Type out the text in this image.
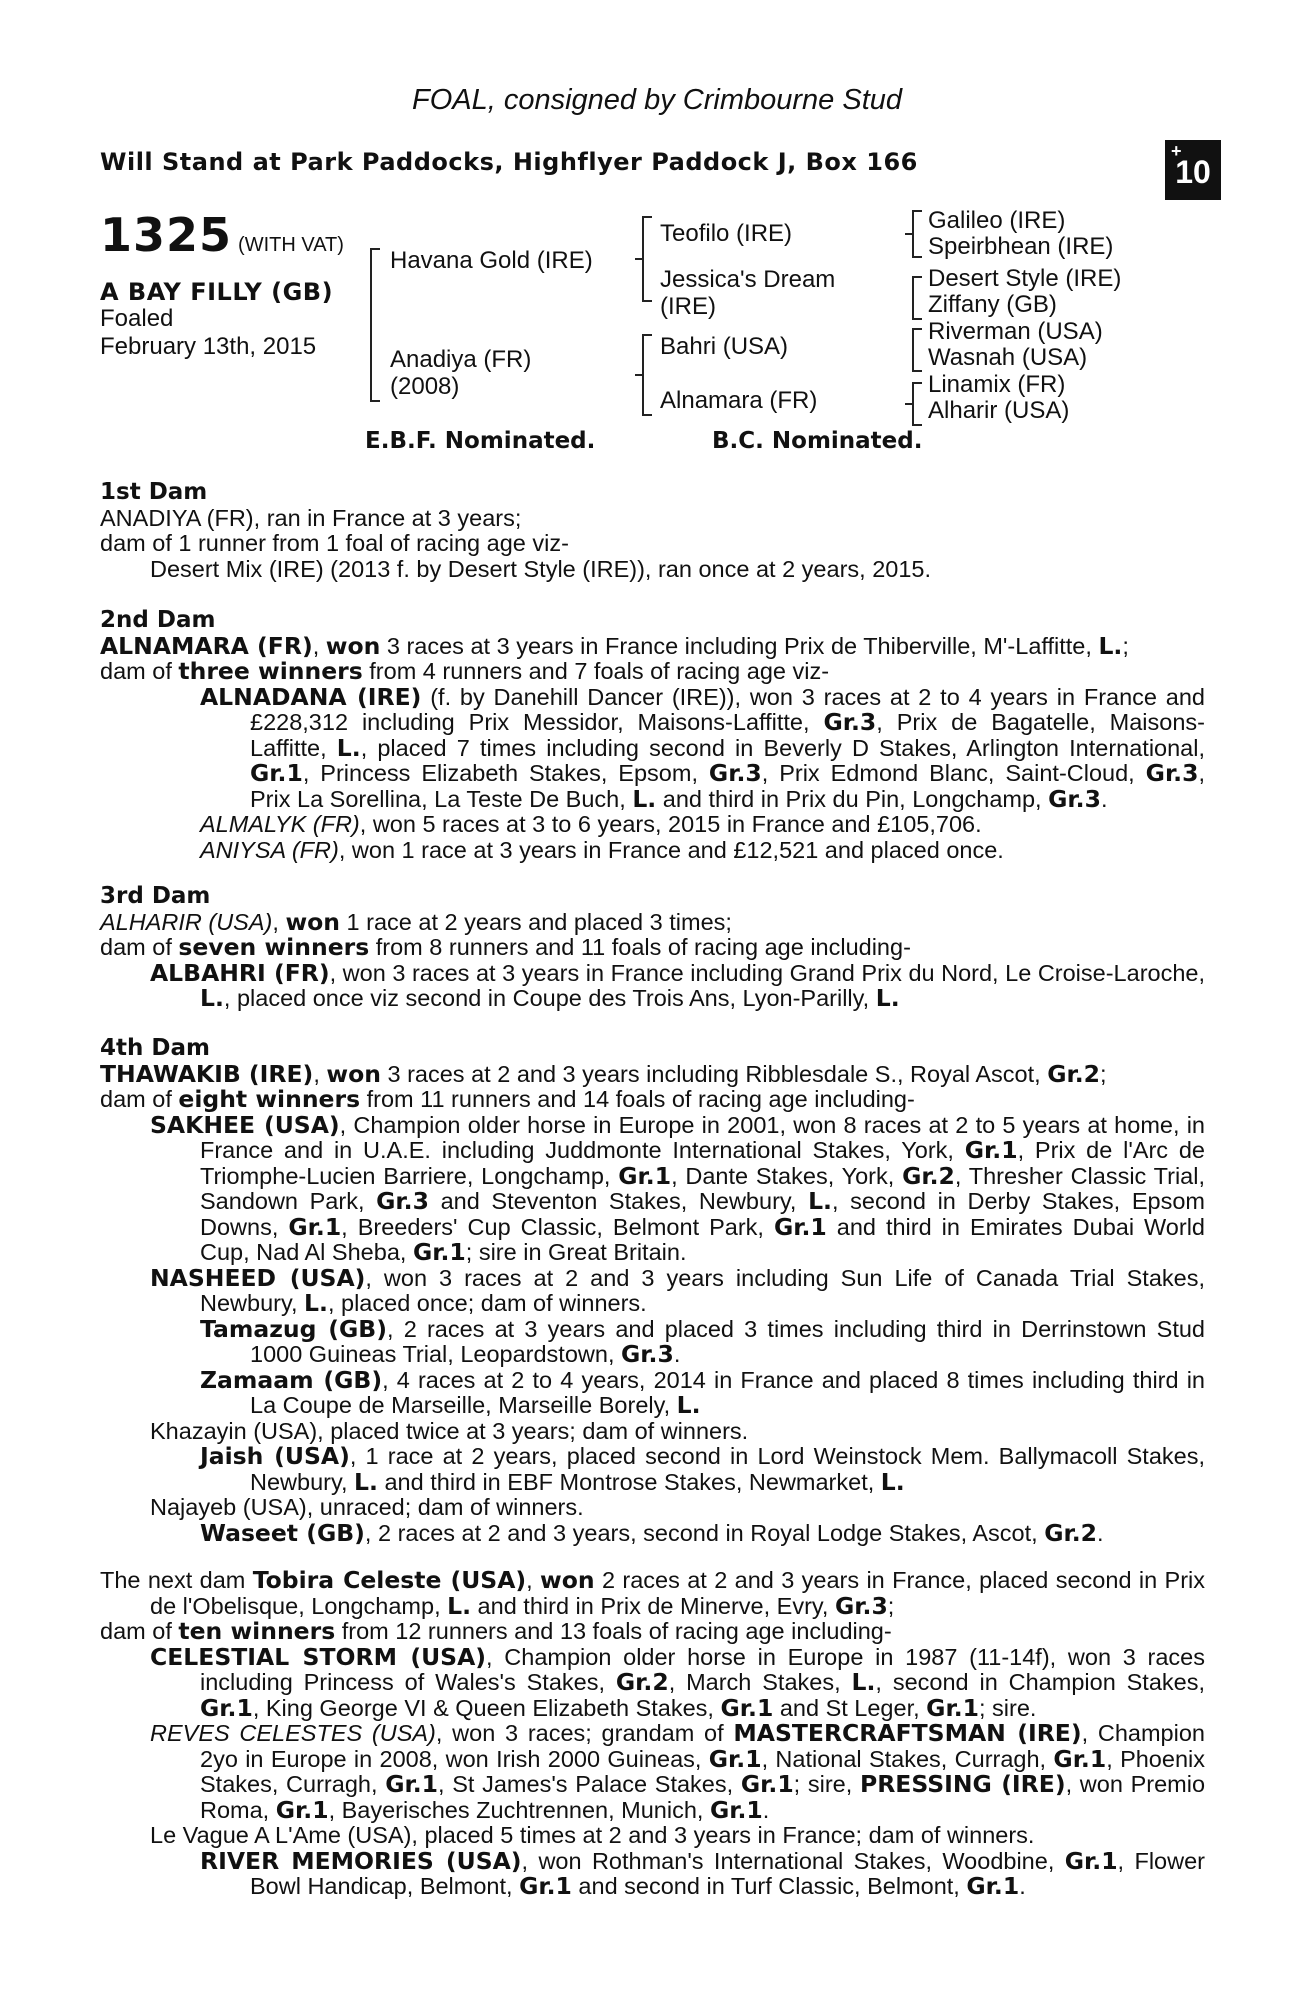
FOAL, consigned by Crimbourne Stud
Will Stand at Park Paddocks, Highflyer Paddock J, Box 166	+
10
1325 (WITH VAT)
A BAY FILLY (GB)
Foaled
February 13th, 2015
Havana Gold (IRE)
Anadiya (FR)
(2008)
Teofilo (IRE)
Jessica's Dream
(IRE)
Bahri (USA)
Alnamara (FR)
Galileo (IRE)
Speirbhean (IRE)
Desert Style (IRE)
Ziffany (GB)
Riverman (USA)
Wasnah (USA)
Linamix (FR)
Alharir (USA)
E.B.F. Nominated.	B.C. Nominated.
1st Dam

ANADIYA (FR), ran in France at 3 years;

dam of 1 runner from 1 foal of racing age viz-

Desert Mix (IRE) (2013 f. by Desert Style (IRE)), ran once at 2 years, 2015.

2nd Dam

ALNAMARA (FR), won 3 races at 3 years in France including Prix de Thiberville, M'-Laffitte, L.;

dam of three winners from 4 runners and 7 foals of racing age viz-

ALNADANA (IRE) (f. by Danehill Dancer (IRE)), won 3 races at 2 to 4 years in France and £228,312 including Prix Messidor, Maisons-Laffitte, Gr.3, Prix de Bagatelle, Maisons-Laffitte, L., placed 7 times including second in Beverly D Stakes, Arlington International, Gr.1, Princess Elizabeth Stakes, Epsom, Gr.3, Prix Edmond Blanc, Saint-Cloud, Gr.3, Prix La Sorellina, La Teste De Buch, L. and third in Prix du Pin, Longchamp, Gr.3.

ALMALYK (FR), won 5 races at 3 to 6 years, 2015 in France and £105,706.

ANIYSA (FR), won 1 race at 3 years in France and £12,521 and placed once.

3rd Dam

ALHARIR (USA), won 1 race at 2 years and placed 3 times;

dam of seven winners from 8 runners and 11 foals of racing age including-

ALBAHRI (FR), won 3 races at 3 years in France including Grand Prix du Nord, Le Croise-Laroche, L., placed once viz second in Coupe des Trois Ans, Lyon-Parilly, L.

4th Dam

THAWAKIB (IRE), won 3 races at 2 and 3 years including Ribblesdale S., Royal Ascot, Gr.2;

dam of eight winners from 11 runners and 14 foals of racing age including-

SAKHEE (USA), Champion older horse in Europe in 2001, won 8 races at 2 to 5 years at home, in France and in U.A.E. including Juddmonte International Stakes, York, Gr.1, Prix de l'Arc de Triomphe-Lucien Barriere, Longchamp, Gr.1, Dante Stakes, York, Gr.2, Thresher Classic Trial, Sandown Park, Gr.3 and Steventon Stakes, Newbury, L., second in Derby Stakes, Epsom Downs, Gr.1, Breeders' Cup Classic, Belmont Park, Gr.1 and third in Emirates Dubai World Cup, Nad Al Sheba, Gr.1; sire in Great Britain.

NASHEED (USA), won 3 races at 2 and 3 years including Sun Life of Canada Trial Stakes, Newbury, L., placed once; dam of winners.

Tamazug (GB), 2 races at 3 years and placed 3 times including third in Derrinstown Stud 1000 Guineas Trial, Leopardstown, Gr.3.

Zamaam (GB), 4 races at 2 to 4 years, 2014 in France and placed 8 times including third in La Coupe de Marseille, Marseille Borely, L.

Khazayin (USA), placed twice at 3 years; dam of winners.

Jaish (USA), 1 race at 2 years, placed second in Lord Weinstock Mem. Ballymacoll Stakes, Newbury, L. and third in EBF Montrose Stakes, Newmarket, L.

Najayeb (USA), unraced; dam of winners.

Waseet (GB), 2 races at 2 and 3 years, second in Royal Lodge Stakes, Ascot, Gr.2.

The next dam Tobira Celeste (USA), won 2 races at 2 and 3 years in France, placed second in Prix de l'Obelisque, Longchamp, L. and third in Prix de Minerve, Evry, Gr.3;

dam of ten winners from 12 runners and 13 foals of racing age including-

CELESTIAL STORM (USA), Champion older horse in Europe in 1987 (11-14f), won 3 races including Princess of Wales's Stakes, Gr.2, March Stakes, L., second in Champion Stakes, Gr.1, King George VI & Queen Elizabeth Stakes, Gr.1 and St Leger, Gr.1; sire.

REVES CELESTES (USA), won 3 races; grandam of MASTERCRAFTSMAN (IRE), Champion 2yo in Europe in 2008, won Irish 2000 Guineas, Gr.1, National Stakes, Curragh, Gr.1, Phoenix Stakes, Curragh, Gr.1, St James's Palace Stakes, Gr.1; sire, PRESSING (IRE), won Premio Roma, Gr.1, Bayerisches Zuchtrennen, Munich, Gr.1.

Le Vague A L'Ame (USA), placed 5 times at 2 and 3 years in France; dam of winners.

RIVER MEMORIES (USA), won Rothman's International Stakes, Woodbine, Gr.1, Flower Bowl Handicap, Belmont, Gr.1 and second in Turf Classic, Belmont, Gr.1.
